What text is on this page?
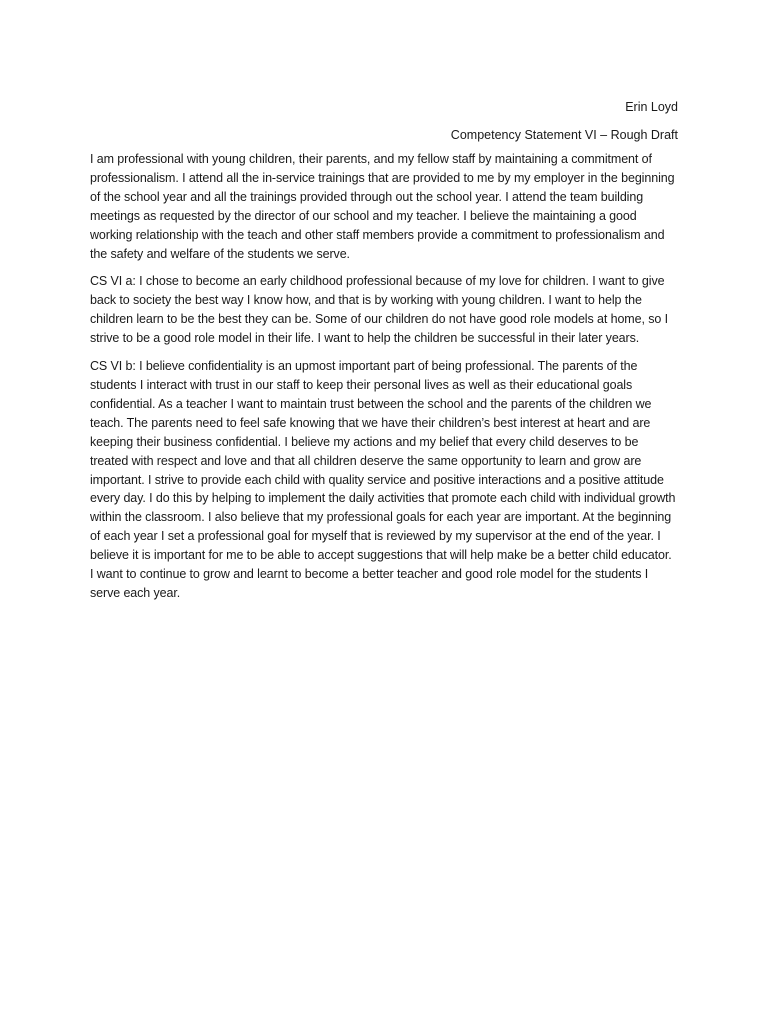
Erin Loyd
Competency Statement VI – Rough Draft

I am professional with young children, their parents, and my fellow staff by maintaining a commitment of professionalism. I attend all the in-service trainings that are provided to me by my employer in the beginning of the school year and all the trainings provided through out the school year. I attend the team building meetings as requested by the director of our school and my teacher. I believe the maintaining a good working relationship with the teach and other staff members provide a commitment to professionalism and the safety and welfare of the students we serve.

CS VI a: I chose to become an early childhood professional because of my love for children. I want to give back to society the best way I know how, and that is by working with young children. I want to help the children learn to be the best they can be. Some of our children do not have good role models at home, so I strive to be a good role model in their life. I want to help the children be successful in their later years.

CS VI b: I believe confidentiality is an upmost important part of being professional. The parents of the students I interact with trust in our staff to keep their personal lives as well as their educational goals confidential. As a teacher I want to maintain trust between the school and the parents of the children we teach. The parents need to feel safe knowing that we have their children’s best interest at heart and are keeping their business confidential. I believe my actions and my belief that every child deserves to be treated with respect and love and that all children deserve the same opportunity to learn and grow are important. I strive to provide each child with quality service and positive interactions and a positive attitude every day. I do this by helping to implement the daily activities that promote each child with individual growth within the classroom. I also believe that my professional goals for each year are important. At the beginning of each year I set a professional goal for myself that is reviewed by my supervisor at the end of the year. I believe it is important for me to be able to accept suggestions that will help make be a better child educator. I want to continue to grow and learnt to become a better teacher and good role model for the students I serve each year.
